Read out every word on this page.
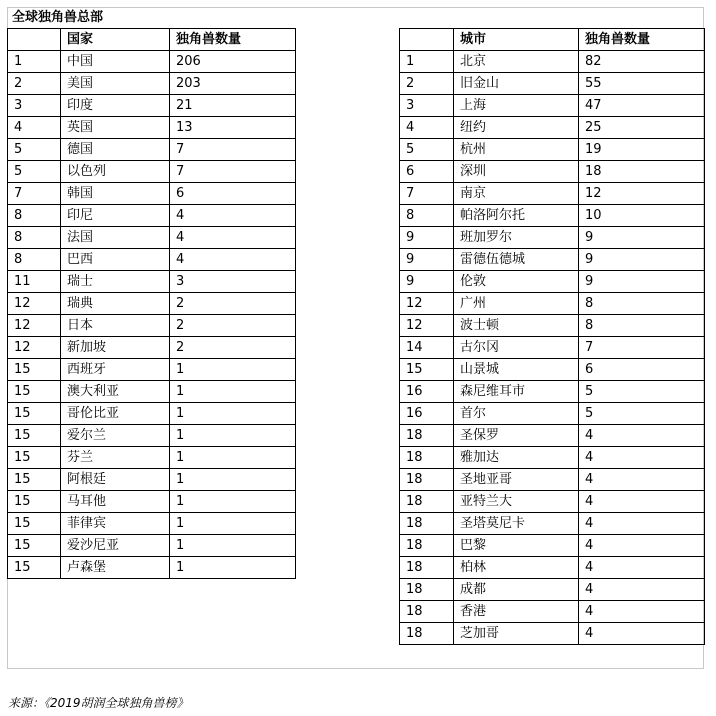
全球独角兽总部
	国家	独角兽数量
1	中国	206
2	美国	203
3	印度	21
4	英国	13
5	德国	7
5	以色列	7
7	韩国	6
8	印尼	4
8	法国	4
8	巴西	4
11	瑞士	3
12	瑞典	2
12	日本	2
12	新加坡	2
15	西班牙	1
15	澳大利亚	1
15	哥伦比亚	1
15	爱尔兰	1
15	芬兰	1
15	阿根廷	1
15	马耳他	1
15	菲律宾	1
15	爱沙尼亚	1
15	卢森堡	1
	城市	独角兽数量
1	北京	82
2	旧金山	55
3	上海	47
4	纽约	25
5	杭州	19
6	深圳	18
7	南京	12
8	帕洛阿尔托	10
9	班加罗尔	9
9	雷德伍德城	9
9	伦敦	9
12	广州	8
12	波士顿	8
14	古尔冈	7
15	山景城	6
16	森尼维耳市	5
16	首尔	5
18	圣保罗	4
18	雅加达	4
18	圣地亚哥	4
18	亚特兰大	4
18	圣塔莫尼卡	4
18	巴黎	4
18	柏林	4
18	成都	4
18	香港	4
18	芝加哥	4
来源：《2019胡润全球独角兽榜》
